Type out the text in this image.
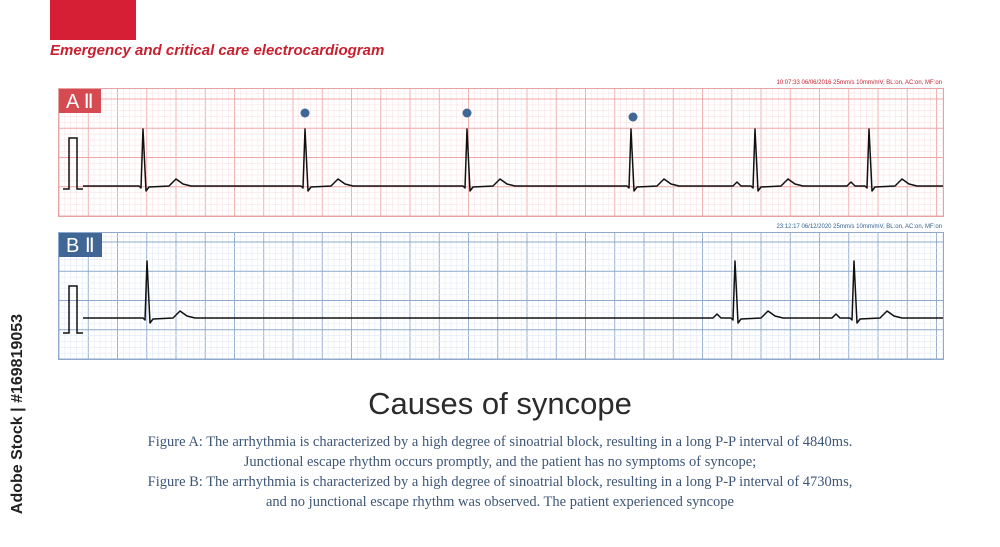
Emergency and critical care electrocardiogram
Adobe Stock | #169819053
10:07:33 06/06/2016 25mm/s 10mm/mV, BL:on, AC:on, MF:on
A Ⅱ
23:12:17 06/12/2020 25mm/s 10mm/mV, BL:on, AC:on, MF:on
B Ⅱ
Causes of syncope
Figure A: The arrhythmia is characterized by a high degree of sinoatrial block, resulting in a long P-P interval of 4840ms.
Junctional escape rhythm occurs promptly, and the patient has no symptoms of syncope;
Figure B: The arrhythmia is characterized by a high degree of sinoatrial block, resulting in a long P-P interval of 4730ms,
and no junctional escape rhythm was observed. The patient experienced syncope
